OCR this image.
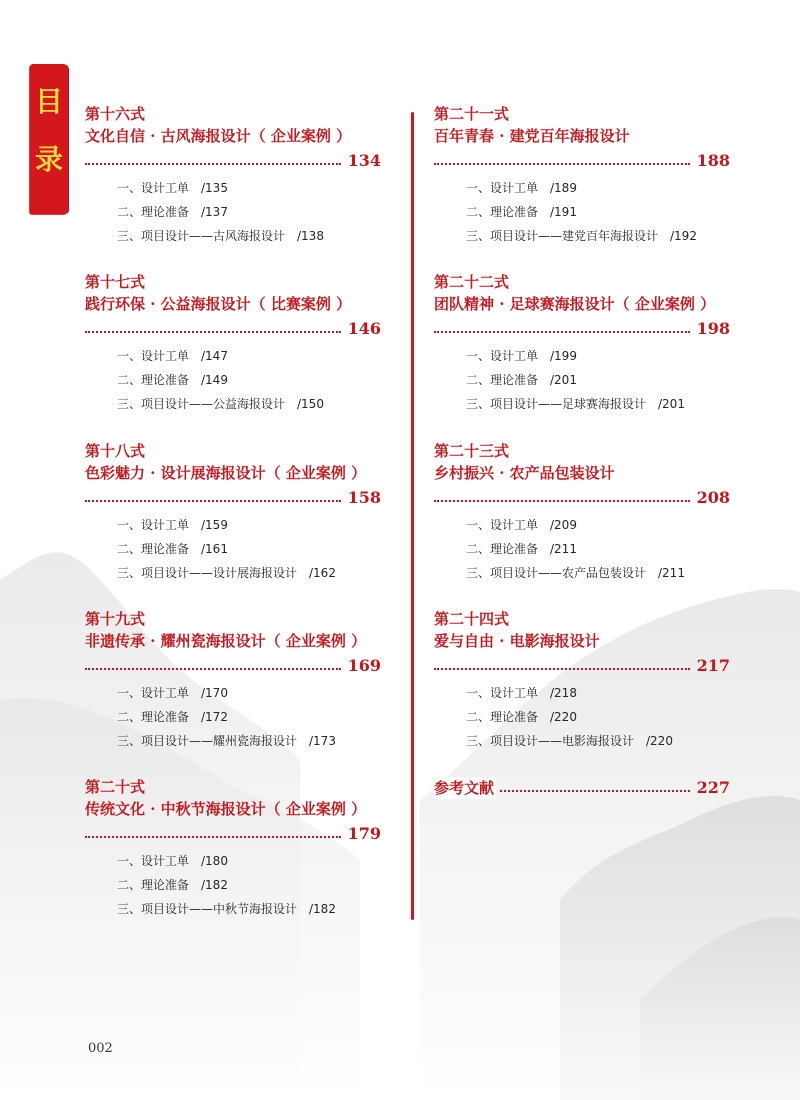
目
录
第十六式
文化自信 · 古风海报设计（ 企业案例 ）
134
一、设计工单　/135
二、理论准备　/137
三、项目设计——古风海报设计　/138
第十七式
践行环保 · 公益海报设计（ 比赛案例 ）
146
一、设计工单　/147
二、理论准备　/149
三、项目设计——公益海报设计　/150
第十八式
色彩魅力 · 设计展海报设计（ 企业案例 ）
158
一、设计工单　/159
二、理论准备　/161
三、项目设计——设计展海报设计　/162
第十九式
非遗传承 · 耀州瓷海报设计（ 企业案例 ）
169
一、设计工单　/170
二、理论准备　/172
三、项目设计——耀州瓷海报设计　/173
第二十式
传统文化 · 中秋节海报设计（ 企业案例 ）
179
一、设计工单　/180
二、理论准备　/182
三、项目设计——中秋节海报设计　/182
第二十一式
百年青春 · 建党百年海报设计
188
一、设计工单　/189
二、理论准备　/191
三、项目设计——建党百年海报设计　/192
第二十二式
团队精神 · 足球赛海报设计（ 企业案例 ）
198
一、设计工单　/199
二、理论准备　/201
三、项目设计——足球赛海报设计　/201
第二十三式
乡村振兴 · 农产品包装设计
208
一、设计工单　/209
二、理论准备　/211
三、项目设计——农产品包装设计　/211
第二十四式
爱与自由 · 电影海报设计
217
一、设计工单　/218
二、理论准备　/220
三、项目设计——电影海报设计　/220
参考文献	227
002
